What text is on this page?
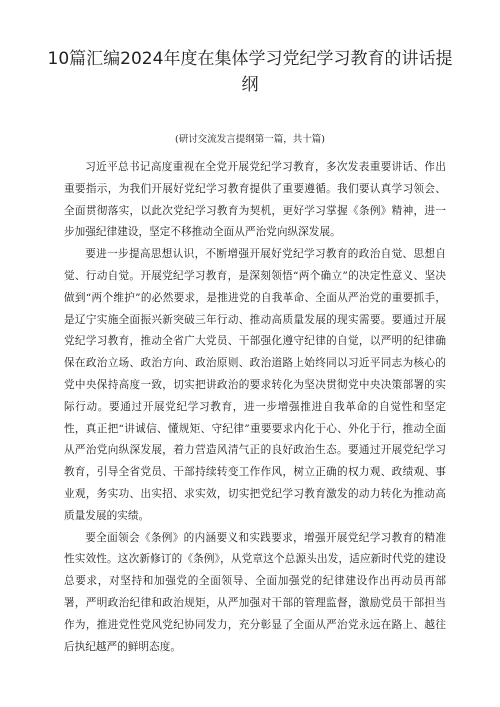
10篇汇编2024年度在集体学习党纪学习教育的讲话提纲
(研讨交流发言提纲第一篇，共十篇)

习近平总书记高度重视在全党开展党纪学习教育，多次发表重要讲话、作出重要指示，为我们开展好党纪学习教育提供了重要遵循。我们要认真学习领会、全面贯彻落实，以此次党纪学习教育为契机，更好学习掌握《条例》精神，进一步加强纪律建设，坚定不移推动全面从严治党向纵深发展。

要进一步提高思想认识，不断增强开展好党纪学习教育的政治自觉、思想自觉、行动自觉。开展党纪学习教育，是深刻领悟“两个确立”的决定性意义、坚决做到“两个维护”的必然要求，是推进党的自我革命、全面从严治党的重要抓手，是辽宁实施全面振兴新突破三年行动、推动高质量发展的现实需要。要通过开展党纪学习教育，推动全省广大党员、干部强化遵守纪律的自觉，以严明的纪律确保在政治立场、政治方向、政治原则、政治道路上始终同以习近平同志为核心的党中央保持高度一致，切实把讲政治的要求转化为坚决贯彻党中央决策部署的实际行动。要通过开展党纪学习教育，进一步增强推进自我革命的自觉性和坚定性，真正把“讲诚信、懂规矩、守纪律”重要要求内化于心、外化于行，推动全面从严治党向纵深发展，着力营造风清气正的良好政治生态。要通过开展党纪学习教育，引导全省党员、干部持续转变工作作风，树立正确的权力观、政绩观、事业观，务实功、出实招、求实效，切实把党纪学习教育激发的动力转化为推动高质量发展的实绩。

要全面领会《条例》的内涵要义和实践要求，增强开展党纪学习教育的精准性实效性。这次新修订的《条例》，从党章这个总源头出发，适应新时代党的建设总要求，对坚持和加强党的全面领导、全面加强党的纪律建设作出再动员再部署，严明政治纪律和政治规矩，从严加强对干部的管理监督，激励党员干部担当作为，推进党性党风党纪协同发力，充分彰显了全面从严治党永远在路上、越往后执纪越严的鲜明态度。
